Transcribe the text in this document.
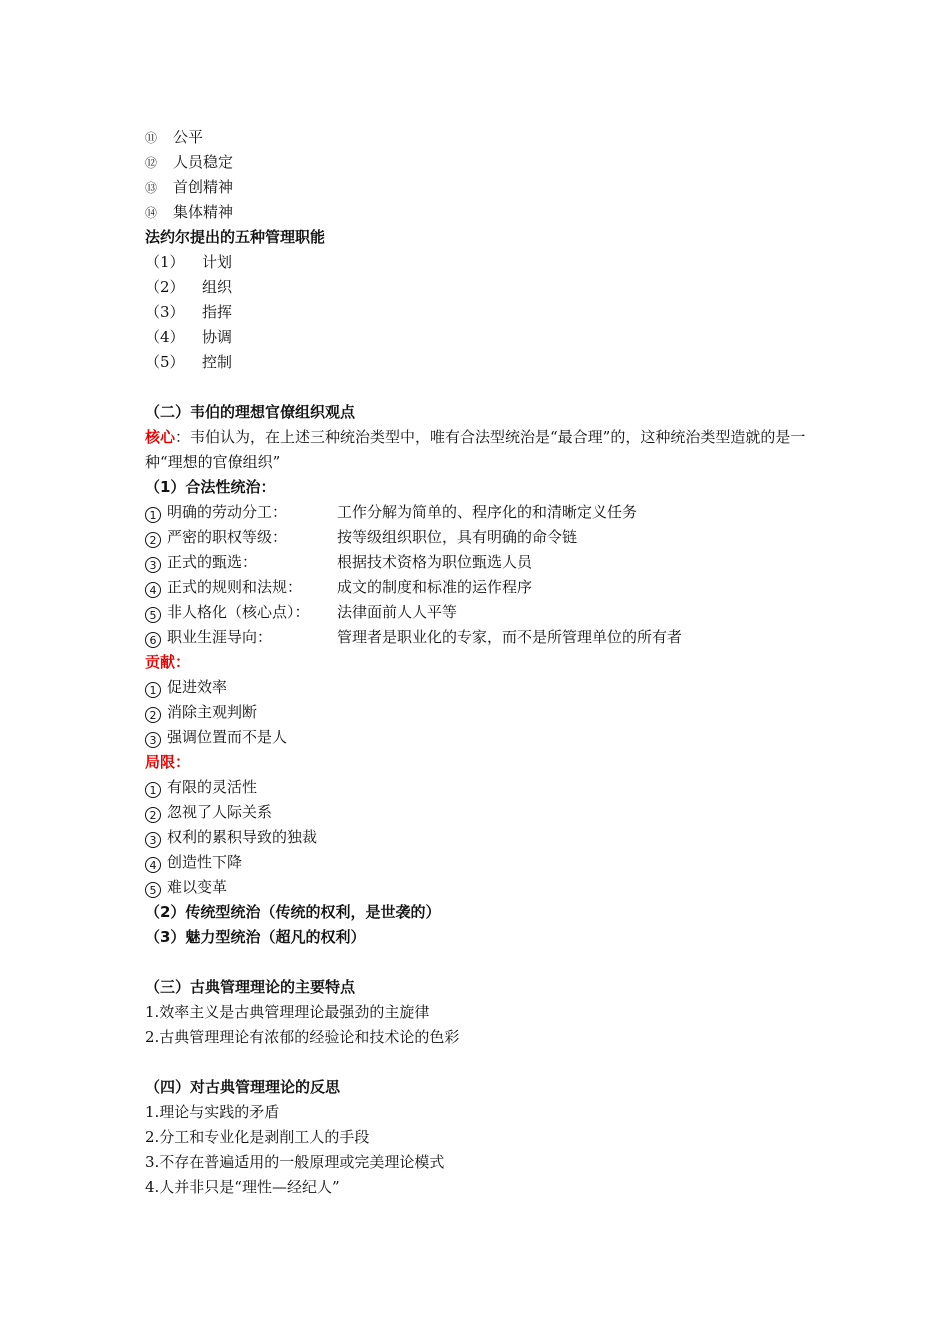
⑪ 公平
⑫ 人员稳定
⑬ 首创精神
⑭ 集体精神
法约尔提出的五种管理职能
（1） 计划
（2） 组织
（3） 指挥
（4） 协调
（5） 控制
（二）韦伯的理想官僚组织观点
核心：韦伯认为，在上述三种统治类型中，唯有合法型统治是“最合理”的，这种统治类型造就的是一种“理想的官僚组织”
（1）合法性统治：
1 明确的劳动分工：	工作分解为简单的、程序化的和清晰定义任务
2 严密的职权等级：	按等级组织职位，具有明确的命令链
3 正式的甄选：	根据技术资格为职位甄选人员
4 正式的规则和法规： 成文的制度和标准的运作程序
5 非人格化（核心点）： 法律面前人人平等
6 职业生涯导向：	管理者是职业化的专家，而不是所管理单位的所有者
贡献：
1 促进效率
2 消除主观判断
3 强调位置而不是人
局限：
1 有限的灵活性
2 忽视了人际关系
3 权利的累积导致的独裁
4 创造性下降
5 难以变革
（2）传统型统治（传统的权利，是世袭的）
（3）魅力型统治（超凡的权利）
（三）古典管理理论的主要特点
1.效率主义是古典管理理论最强劲的主旋律
2.古典管理理论有浓郁的经验论和技术论的色彩
（四）对古典管理理论的反思
1.理论与实践的矛盾
2.分工和专业化是剥削工人的手段
3.不存在普遍适用的一般原理或完美理论模式
4.人并非只是“理性—经纪人”
